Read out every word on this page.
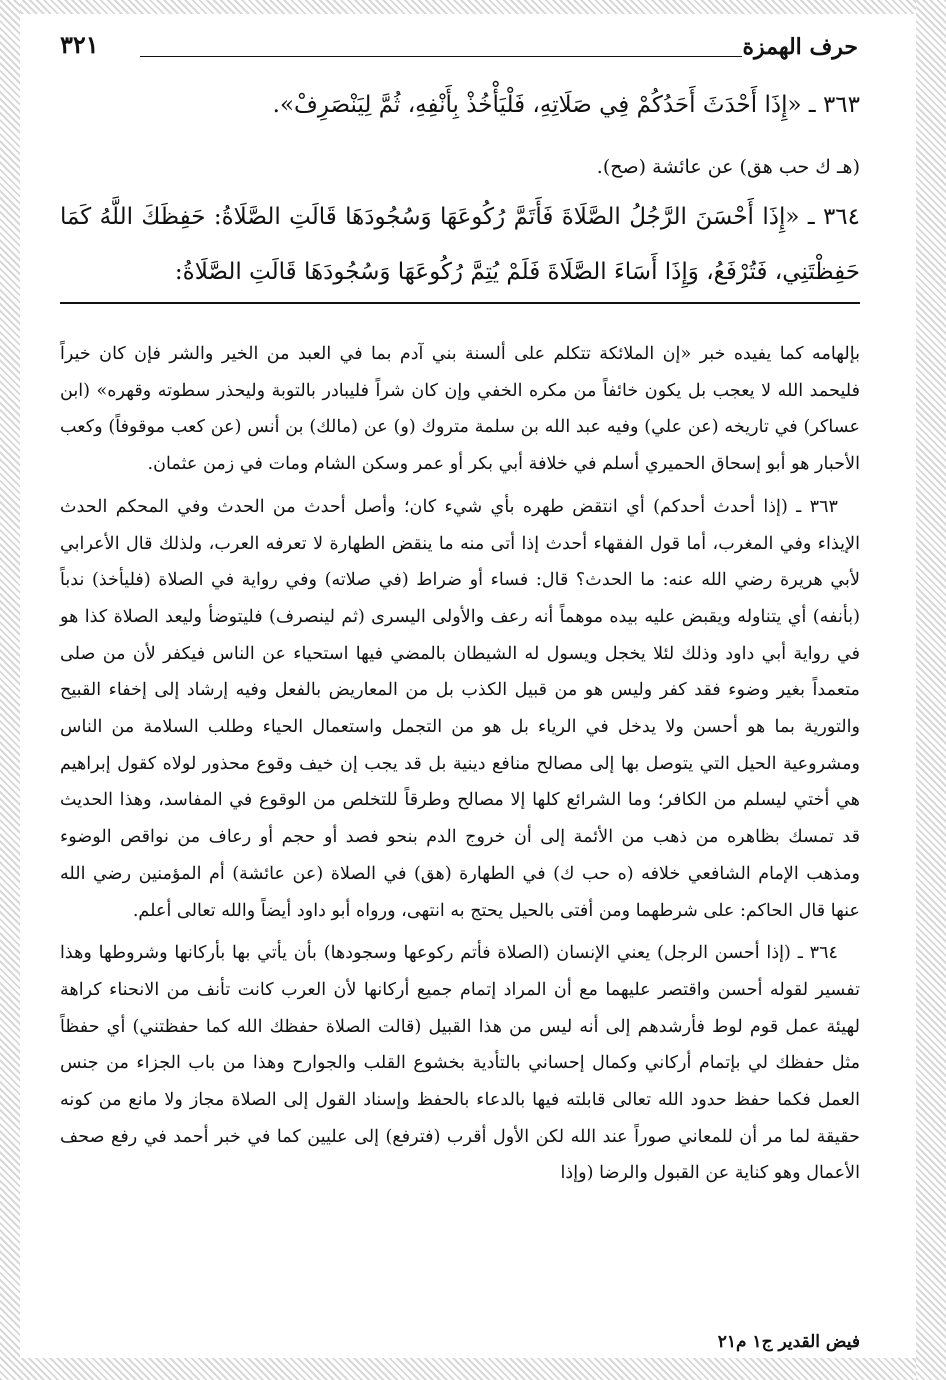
حرف الهمزة
٣٢١

٣٦٣ ـ «إِذَا أَحْدَثَ أَحَدُكُمْ فِي صَلَاتِهِ، فَلْيَأْخُذْ بِأَنْفِهِ، ثُمَّ لِيَنْصَرِفْ».

(هـ ك حب هق) عن عائشة (صح).

٣٦٤ ـ «إِذَا أَحْسَنَ الرَّجُلُ الصَّلَاةَ فَأَتَمَّ رُكُوعَهَا وَسُجُودَهَا قَالَتِ الصَّلَاةُ: حَفِظَكَ اللَّهُ كَمَا حَفِظْتَنِي، فَتُرْفَعُ، وَإِذَا أَسَاءَ الصَّلَاةَ فَلَمْ يُتِمَّ رُكُوعَهَا وَسُجُودَهَا قَالَتِ الصَّلَاةُ:

بإلهامه كما يفيده خبر «إن الملائكة تتكلم على ألسنة بني آدم بما في العبد من الخير والشر فإن كان خيراً فليحمد الله لا يعجب بل يكون خائفاً من مكره الخفي وإن كان شراً فليبادر بالتوبة وليحذر سطوته وقهره» (ابن عساكر) في تاريخه (عن علي) وفيه عبد الله بن سلمة متروك (و) عن (مالك) بن أنس (عن كعب موقوفاً) وكعب الأحبار هو أبو إسحاق الحميري أسلم في خلافة أبي بكر أو عمر وسكن الشام ومات في زمن عثمان.

٣٦٣ ـ (إذا أحدث أحدكم) أي انتقض طهره بأي شيء كان؛ وأصل أحدث من الحدث وفي المحكم الحدث الإيذاء وفي المغرب، أما قول الفقهاء أحدث إذا أتى منه ما ينقض الطهارة لا تعرفه العرب، ولذلك قال الأعرابي لأبي هريرة رضي الله عنه: ما الحدث؟ قال: فساء أو ضراط (في صلاته) وفي رواية في الصلاة (فليأخذ) ندباً (بأنفه) أي يتناوله ويقبض عليه بيده موهماً أنه رعف والأولى اليسرى (ثم لينصرف) فليتوضأ وليعد الصلاة كذا هو في رواية أبي داود وذلك لئلا يخجل ويسول له الشيطان بالمضي فيها استحياء عن الناس فيكفر لأن من صلى متعمداً بغير وضوء فقد كفر وليس هو من قبيل الكذب بل من المعاريض بالفعل وفيه إرشاد إلى إخفاء القبيح والتورية بما هو أحسن ولا يدخل في الرياء بل هو من التجمل واستعمال الحياء وطلب السلامة من الناس ومشروعية الحيل التي يتوصل بها إلى مصالح منافع دينية بل قد يجب إن خيف وقوع محذور لولاه كقول إبراهيم هي أختي ليسلم من الكافر؛ وما الشرائع كلها إلا مصالح وطرقاً للتخلص من الوقوع في المفاسد، وهذا الحديث قد تمسك بظاهره من ذهب من الأئمة إلى أن خروج الدم بنحو فصد أو حجم أو رعاف من نواقص الوضوء ومذهب الإمام الشافعي خلافه (ه حب ك) في الطهارة (هق) في الصلاة (عن عائشة) أم المؤمنين رضي الله عنها قال الحاكم: على شرطهما ومن أفتى بالحيل يحتج به انتهى، ورواه أبو داود أيضاً والله تعالى أعلم.

٣٦٤ ـ (إذا أحسن الرجل) يعني الإنسان (الصلاة فأتم ركوعها وسجودها) بأن يأتي بها بأركانها وشروطها وهذا تفسير لقوله أحسن واقتصر عليهما مع أن المراد إتمام جميع أركانها لأن العرب كانت تأنف من الانحناء كراهة لهيئة عمل قوم لوط فأرشدهم إلى أنه ليس من هذا القبيل (قالت الصلاة حفظك الله كما حفظتني) أي حفظاً مثل حفظك لي بإتمام أركاني وكمال إحساني بالتأدية بخشوع القلب والجوارح وهذا من باب الجزاء من جنس العمل فكما حفظ حدود الله تعالى قابلته فيها بالدعاء بالحفظ وإسناد القول إلى الصلاة مجاز ولا مانع من كونه حقيقة لما مر أن للمعاني صوراً عند الله لكن الأول أقرب (فترفع) إلى عليين كما في خبر أحمد في رفع صحف الأعمال وهو كناية عن القبول والرضا (وإذا

فيض القدير ج١ م٢١
